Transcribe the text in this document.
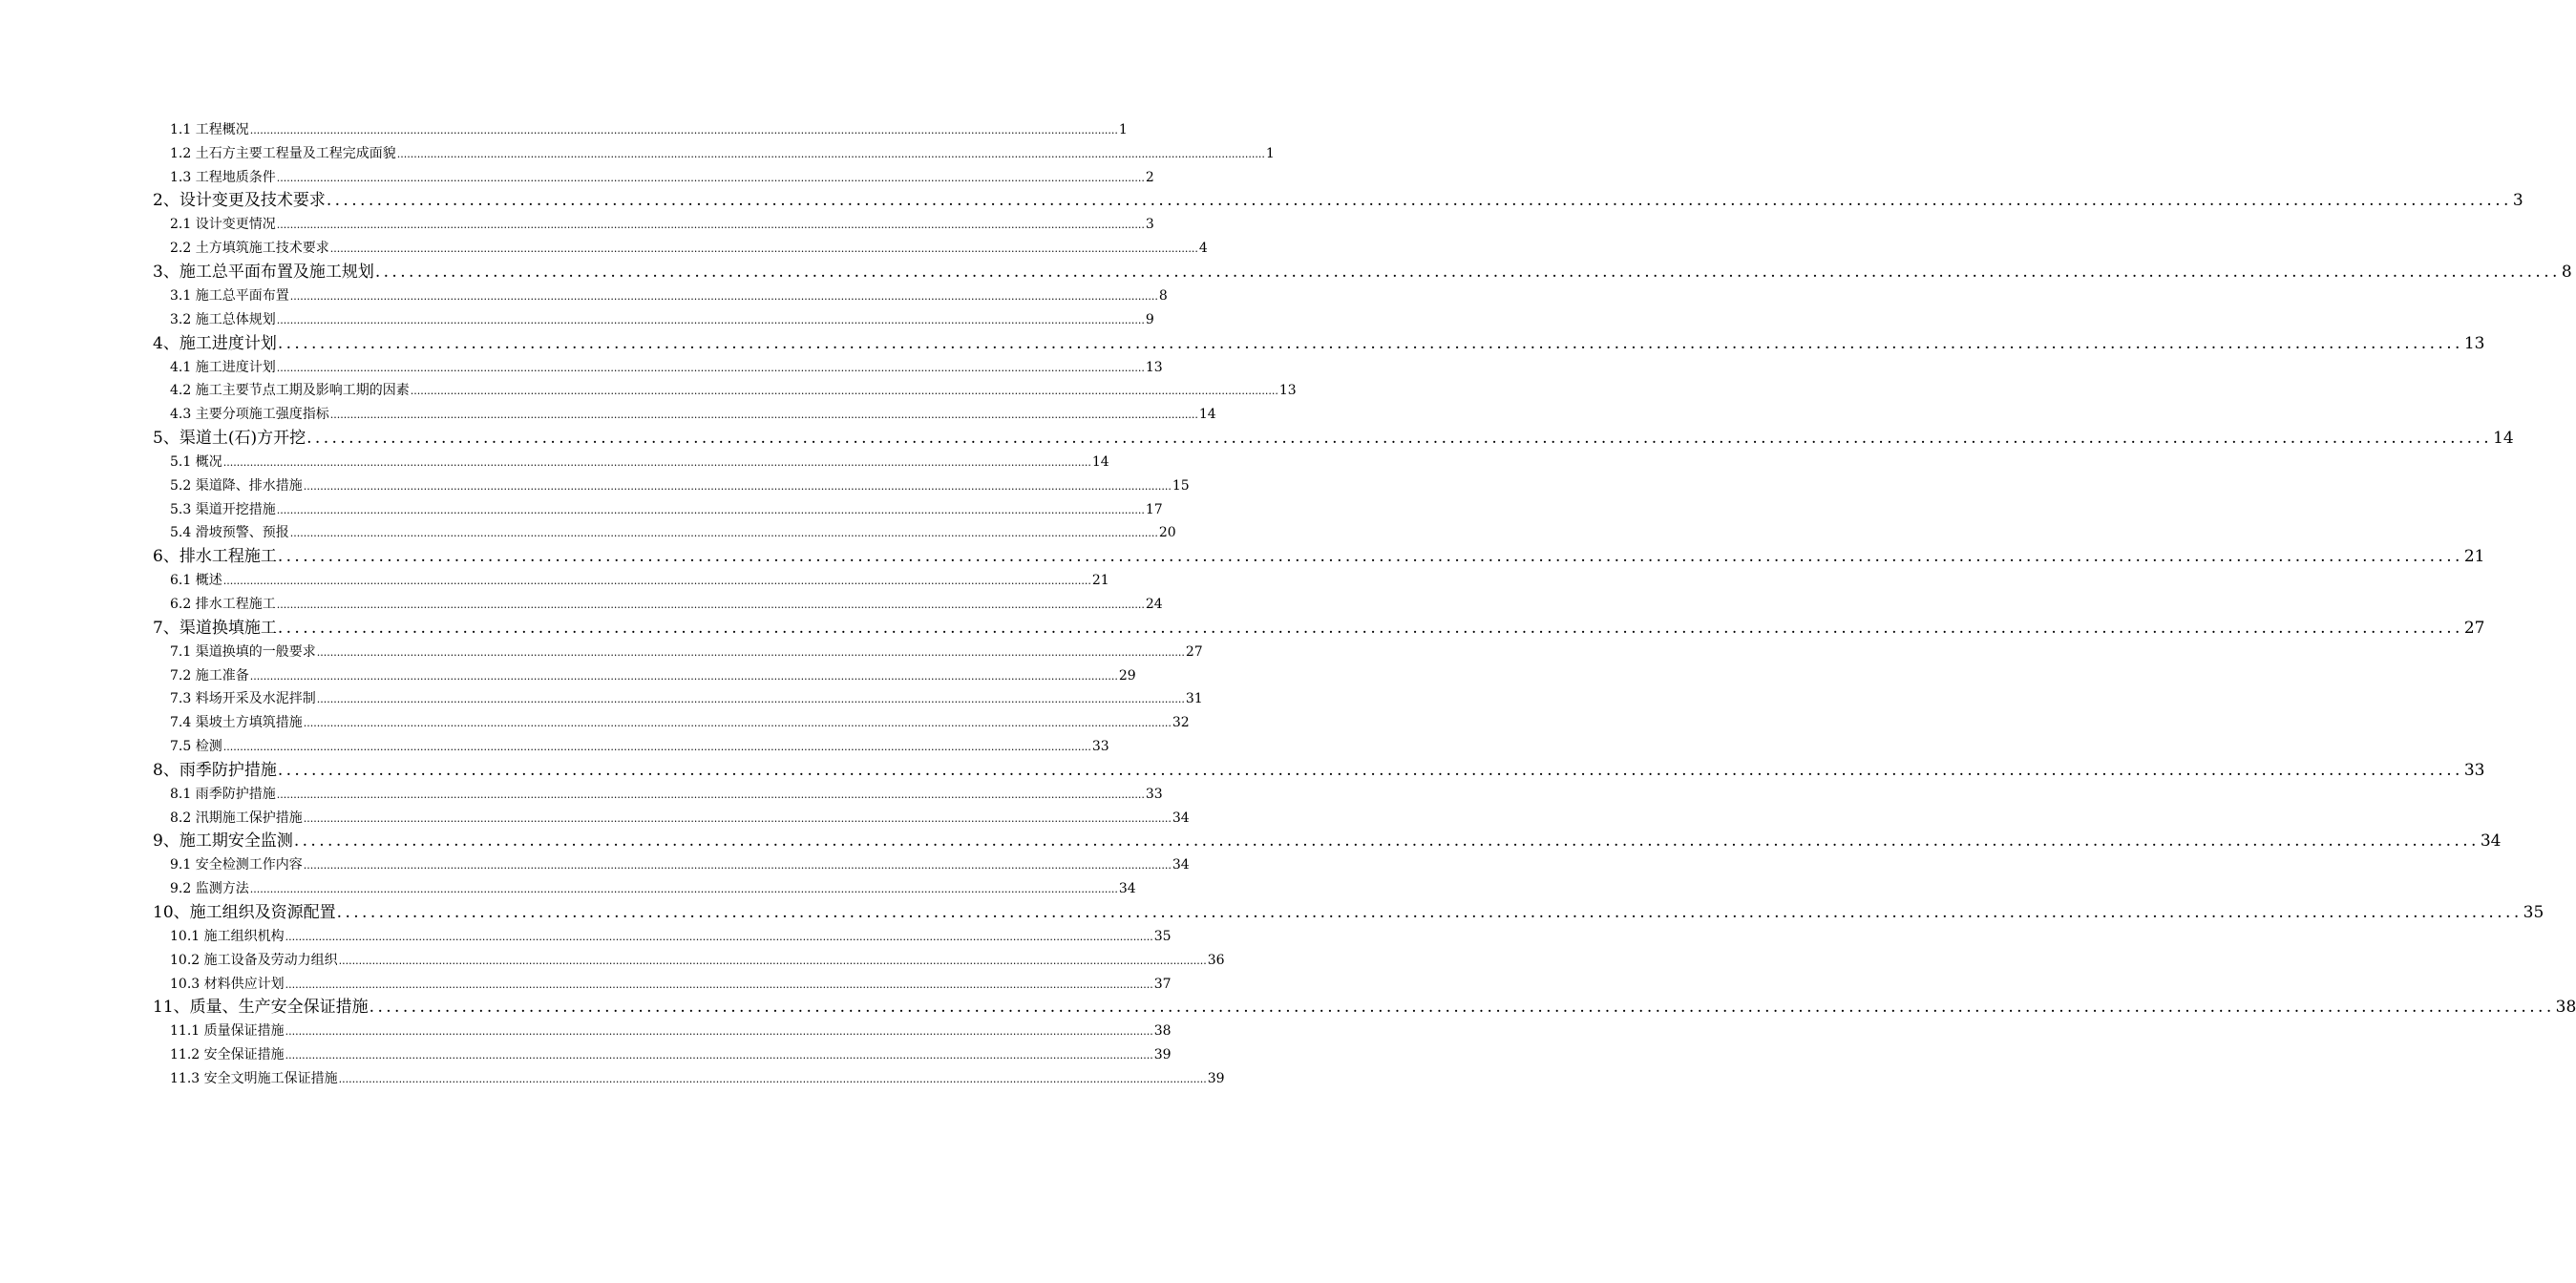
1.1 工程概况 .................................................................................................................................................................................................................................................................... 1
1.2 土石方主要工程量及工程完成面貌 .................................................................................................................................................................................................................................................................... 1
1.3 工程地质条件 .................................................................................................................................................................................................................................................................... 2
2、设计变更及技术要求 .................................................................................................................................................................................................................................................................... 3
2.1 设计变更情况 .................................................................................................................................................................................................................................................................... 3
2.2 土方填筑施工技术要求 .................................................................................................................................................................................................................................................................... 4
3、施工总平面布置及施工规划 .................................................................................................................................................................................................................................................................... 8
3.1 施工总平面布置 .................................................................................................................................................................................................................................................................... 8
3.2 施工总体规划 .................................................................................................................................................................................................................................................................... 9
4、施工进度计划 .................................................................................................................................................................................................................................................................... 13
4.1 施工进度计划 .................................................................................................................................................................................................................................................................... 13
4.2 施工主要节点工期及影响工期的因素 .................................................................................................................................................................................................................................................................... 13
4.3 主要分项施工强度指标 .................................................................................................................................................................................................................................................................... 14
5、渠道土(石)方开挖 .................................................................................................................................................................................................................................................................... 14
5.1 概况 .................................................................................................................................................................................................................................................................... 14
5.2 渠道降、排水措施 .................................................................................................................................................................................................................................................................... 15
5.3 渠道开挖措施 .................................................................................................................................................................................................................................................................... 17
5.4 滑坡预警、预报 .................................................................................................................................................................................................................................................................... 20
6、排水工程施工 .................................................................................................................................................................................................................................................................... 21
6.1 概述 .................................................................................................................................................................................................................................................................... 21
6.2 排水工程施工 .................................................................................................................................................................................................................................................................... 24
7、渠道换填施工 .................................................................................................................................................................................................................................................................... 27
7.1 渠道换填的一般要求 .................................................................................................................................................................................................................................................................... 27
7.2 施工准备 .................................................................................................................................................................................................................................................................... 29
7.3 料场开采及水泥拌制 .................................................................................................................................................................................................................................................................... 31
7.4 渠坡土方填筑措施 .................................................................................................................................................................................................................................................................... 32
7.5 检测 .................................................................................................................................................................................................................................................................... 33
8、雨季防护措施 .................................................................................................................................................................................................................................................................... 33
8.1 雨季防护措施 .................................................................................................................................................................................................................................................................... 33
8.2 汛期施工保护措施 .................................................................................................................................................................................................................................................................... 34
9、施工期安全监测 .................................................................................................................................................................................................................................................................... 34
9.1 安全检测工作内容 .................................................................................................................................................................................................................................................................... 34
9.2 监测方法 .................................................................................................................................................................................................................................................................... 34
10、施工组织及资源配置 .................................................................................................................................................................................................................................................................... 35
10.1 施工组织机构 .................................................................................................................................................................................................................................................................... 35
10.2 施工设备及劳动力组织 .................................................................................................................................................................................................................................................................... 36
10.3 材料供应计划 .................................................................................................................................................................................................................................................................... 37
11、质量、生产安全保证措施 .................................................................................................................................................................................................................................................................... 38
11.1 质量保证措施 .................................................................................................................................................................................................................................................................... 38
11.2 安全保证措施 .................................................................................................................................................................................................................................................................... 39
11.3 安全文明施工保证措施 .................................................................................................................................................................................................................................................................... 39
